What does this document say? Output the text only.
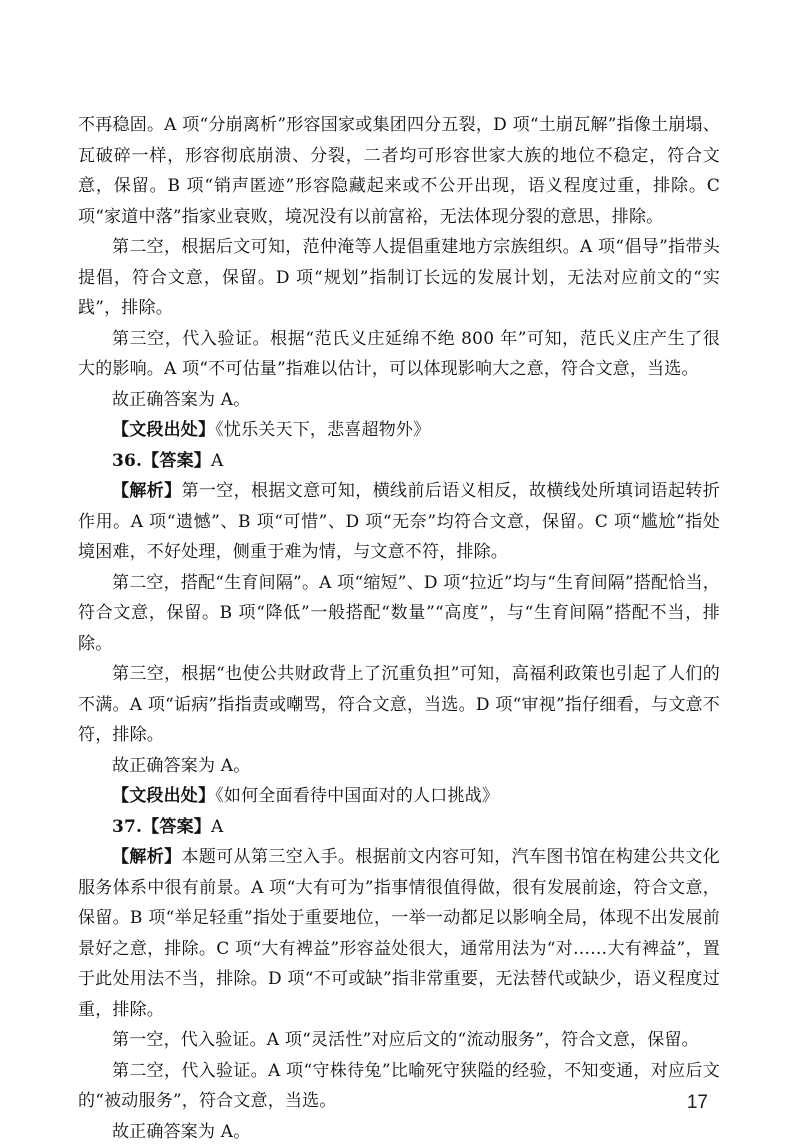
不再稳固。A 项“分崩离析”形容国家或集团四分五裂，D 项“土崩瓦解”指像土崩塌、瓦破碎一样，形容彻底崩溃、分裂，二者均可形容世家大族的地位不稳定，符合文意，保留。B 项“销声匿迹”形容隐藏起来或不公开出现，语义程度过重，排除。C 项“家道中落”指家业衰败，境况没有以前富裕，无法体现分裂的意思，排除。

第二空，根据后文可知，范仲淹等人提倡重建地方宗族组织。A 项“倡导”指带头提倡，符合文意，保留。D 项“规划”指制订长远的发展计划，无法对应前文的“实践”，排除。

第三空，代入验证。根据“范氏义庄延绵不绝 800 年”可知，范氏义庄产生了很大的影响。A 项“不可估量”指难以估计，可以体现影响大之意，符合文意，当选。

故正确答案为 A。

【文段出处】《忧乐关天下，悲喜超物外》

36.【答案】A

【解析】第一空，根据文意可知，横线前后语义相反，故横线处所填词语起转折作用。A 项“遗憾”、B 项“可惜”、D 项“无奈”均符合文意，保留。C 项“尴尬”指处境困难，不好处理，侧重于难为情，与文意不符，排除。

第二空，搭配“生育间隔”。A 项“缩短”、D 项“拉近”均与“生育间隔”搭配恰当，符合文意，保留。B 项“降低”一般搭配“数量”“高度”，与“生育间隔”搭配不当，排除。

第三空，根据“也使公共财政背上了沉重负担”可知，高福利政策也引起了人们的不满。A 项“诟病”指指责或嘲骂，符合文意，当选。D 项“审视”指仔细看，与文意不符，排除。

故正确答案为 A。

【文段出处】《如何全面看待中国面对的人口挑战》

37.【答案】A

【解析】本题可从第三空入手。根据前文内容可知，汽车图书馆在构建公共文化服务体系中很有前景。A 项“大有可为”指事情很值得做，很有发展前途，符合文意，保留。B 项“举足轻重”指处于重要地位，一举一动都足以影响全局，体现不出发展前景好之意，排除。C 项“大有裨益”形容益处很大，通常用法为“对……大有裨益”，置于此处用法不当，排除。D 项“不可或缺”指非常重要，无法替代或缺少，语义程度过重，排除。

第一空，代入验证。A 项“灵活性”对应后文的“流动服务”，符合文意，保留。

第二空，代入验证。A 项“守株待兔”比喻死守狭隘的经验，不知变通，对应后文的“被动服务”，符合文意，当选。

故正确答案为 A。

17
